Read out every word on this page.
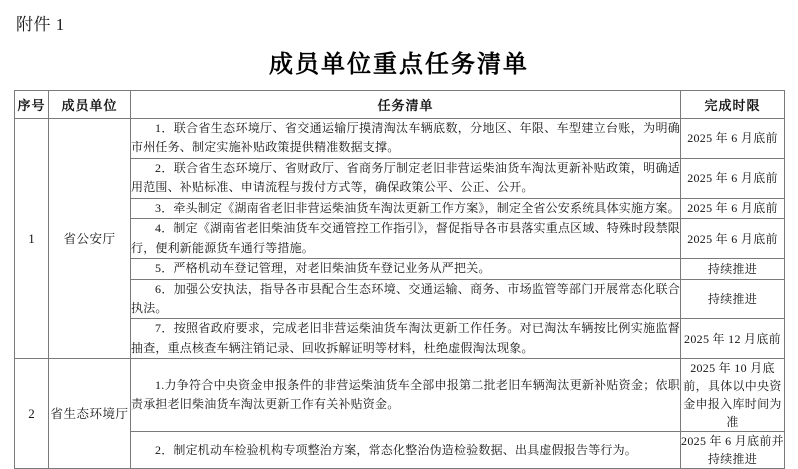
附件 1
成员单位重点任务清单
序号	成员单位	任务清单	完成时限
1	省公安厅	1．联合省生态环境厅、省交通运输厅摸清淘汰车辆底数，分地区、年限、车型建立台账，为明确市州任务、制定实施补贴政策提供精准数据支撑。	2025 年 6 月底前

		2．联合省生态环境厅、省财政厅、省商务厅制定老旧非营运柴油货车淘汰更新补贴政策，明确适用范围、补贴标准、申请流程与拨付方式等，确保政策公平、公正、公开。	2025 年 6 月底前

		3．牵头制定《湖南省老旧非营运柴油货车淘汰更新工作方案》，制定全省公安系统具体实施方案。	2025 年 6 月底前

		4．制定《湖南省老旧柴油货车交通管控工作指引》，督促指导各市县落实重点区域、特殊时段禁限行，便利新能源货车通行等措施。	2025 年 6 月底前

		5．严格机动车登记管理，对老旧柴油货车登记业务从严把关。	持续推进

		6．加强公安执法，指导各市县配合生态环境、交通运输、商务、市场监管等部门开展常态化联合执法。	持续推进

		7．按照省政府要求，完成老旧非营运柴油货车淘汰更新工作任务。对已淘汰车辆按比例实施监督抽查，重点核查车辆注销记录、回收拆解证明等材料，杜绝虚假淘汰现象。	2025 年 12 月底前
2	省生态环境厅	1.力争符合中央资金申报条件的非营运柴油货车全部申报第二批老旧车辆淘汰更新补贴资金；依职责承担老旧柴油货车淘汰更新工作有关补贴资金。	2025 年 10 月底前，具体以中央资金申报入库时间为准

		2．制定机动车检验机构专项整治方案，常态化整治伪造检验数据、出具虚假报告等行为。	2025 年 6 月底前并持续推进
